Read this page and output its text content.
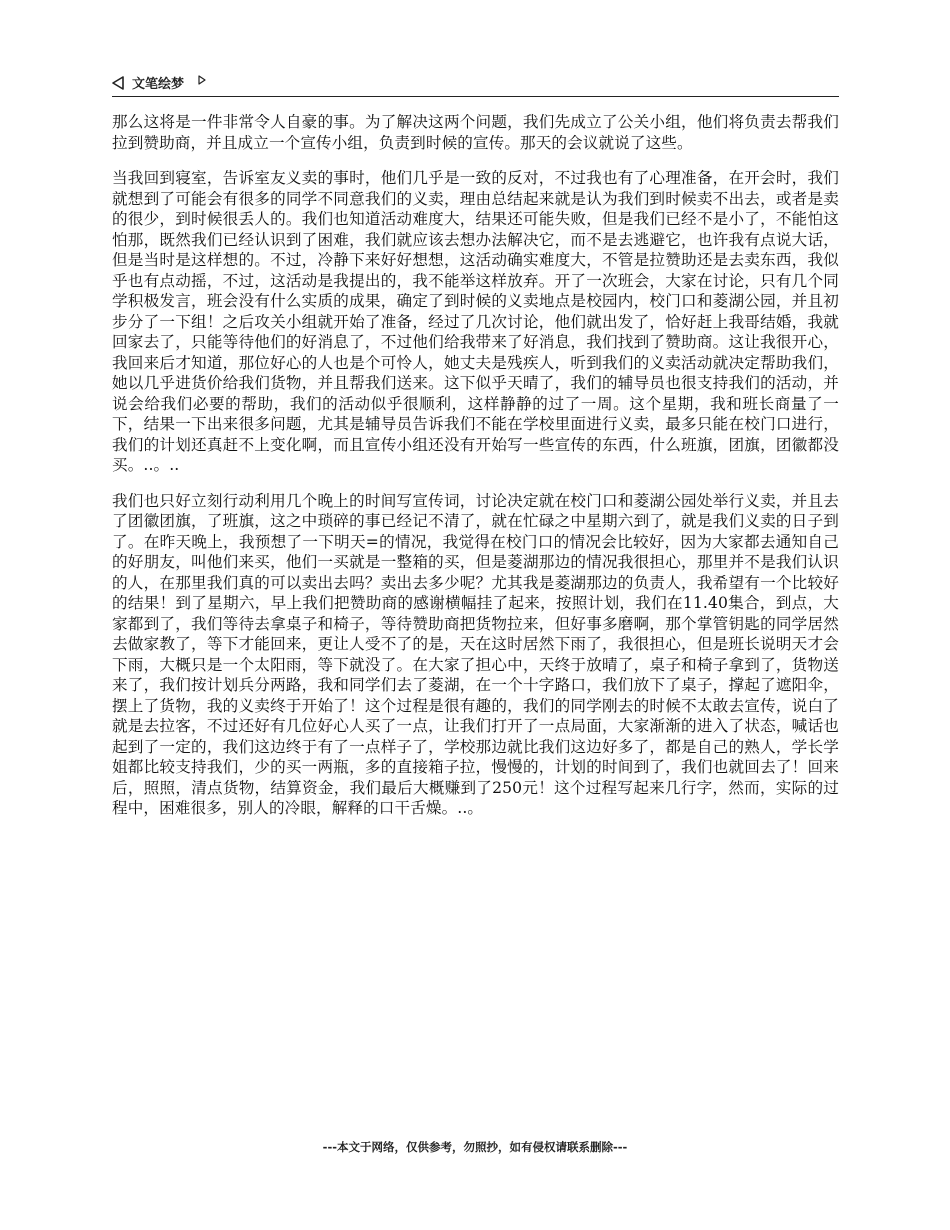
文笔绘梦

那么这将是一件非常令人自豪的事。为了解决这两个问题，我们先成立了公关小组，他们将负责去帮我们拉到赞助商，并且成立一个宣传小组，负责到时候的宣传。那天的会议就说了这些。

当我回到寝室，告诉室友义卖的事时，他们几乎是一致的反对，不过我也有了心理准备，在开会时，我们就想到了可能会有很多的同学不同意我们的义卖，理由总结起来就是认为我们到时候卖不出去，或者是卖的很少，到时候很丢人的。我们也知道活动难度大，结果还可能失败，但是我们已经不是小了，不能怕这怕那，既然我们已经认识到了困难，我们就应该去想办法解决它，而不是去逃避它，也许我有点说大话，但是当时是这样想的。不过，冷静下来好好想想，这活动确实难度大，不管是拉赞助还是去卖东西，我似乎也有点动摇，不过，这活动是我提出的，我不能举这样放弃。开了一次班会，大家在讨论，只有几个同学积极发言，班会没有什么实质的成果，确定了到时候的义卖地点是校园内，校门口和菱湖公园，并且初步分了一下组！之后攻关小组就开始了准备，经过了几次讨论，他们就出发了，恰好赶上我哥结婚，我就回家去了，只能等待他们的好消息了，不过他们给我带来了好消息，我们找到了赞助商。这让我很开心，我回来后才知道，那位好心的人也是个可怜人，她丈夫是残疾人，听到我们的义卖活动就决定帮助我们，她以几乎进货价给我们货物，并且帮我们送来。这下似乎天晴了，我们的辅导员也很支持我们的活动，并说会给我们必要的帮助，我们的活动似乎很顺利，这样静静的过了一周。这个星期，我和班长商量了一下，结果一下出来很多问题，尤其是辅导员告诉我们不能在学校里面进行义卖，最多只能在校门口进行，我们的计划还真赶不上变化啊，而且宣传小组还没有开始写一些宣传的东西，什么班旗，团旗，团徽都没买。..。..

我们也只好立刻行动利用几个晚上的时间写宣传词，讨论决定就在校门口和菱湖公园处举行义卖，并且去了团徽团旗，了班旗，这之中琐碎的事已经记不清了，就在忙碌之中星期六到了，就是我们义卖的日子到了。在昨天晚上，我预想了一下明天=的情况，我觉得在校门口的情况会比较好，因为大家都去通知自己的好朋友，叫他们来买，他们一买就是一整箱的买，但是菱湖那边的情况我很担心，那里并不是我们认识的人，在那里我们真的可以卖出去吗？卖出去多少呢？尤其我是菱湖那边的负责人，我希望有一个比较好的结果！到了星期六，早上我们把赞助商的感谢横幅挂了起来，按照计划，我们在11.40集合，到点，大家都到了，我们等待去拿桌子和椅子，等待赞助商把货物拉来，但好事多磨啊，那个掌管钥匙的同学居然去做家教了，等下才能回来，更让人受不了的是，天在这时居然下雨了，我很担心，但是班长说明天才会下雨，大概只是一个太阳雨，等下就没了。在大家了担心中，天终于放晴了，桌子和椅子拿到了，货物送来了，我们按计划兵分两路，我和同学们去了菱湖，在一个十字路口，我们放下了桌子，撑起了遮阳伞，摆上了货物，我的义卖终于开始了！这个过程是很有趣的，我们的同学刚去的时候不太敢去宣传，说白了就是去拉客，不过还好有几位好心人买了一点，让我们打开了一点局面，大家渐渐的进入了状态，喊话也起到了一定的，我们这边终于有了一点样子了，学校那边就比我们这边好多了，都是自己的熟人，学长学姐都比较支持我们，少的买一两瓶，多的直接箱子拉，慢慢的，计划的时间到了，我们也就回去了！回来后，照照，清点货物，结算资金，我们最后大概赚到了250元！这个过程写起来几行字，然而，实际的过程中，困难很多，别人的冷眼，解释的口干舌燥。..。

---本文于网络，仅供参考，勿照抄，如有侵权请联系删除---
